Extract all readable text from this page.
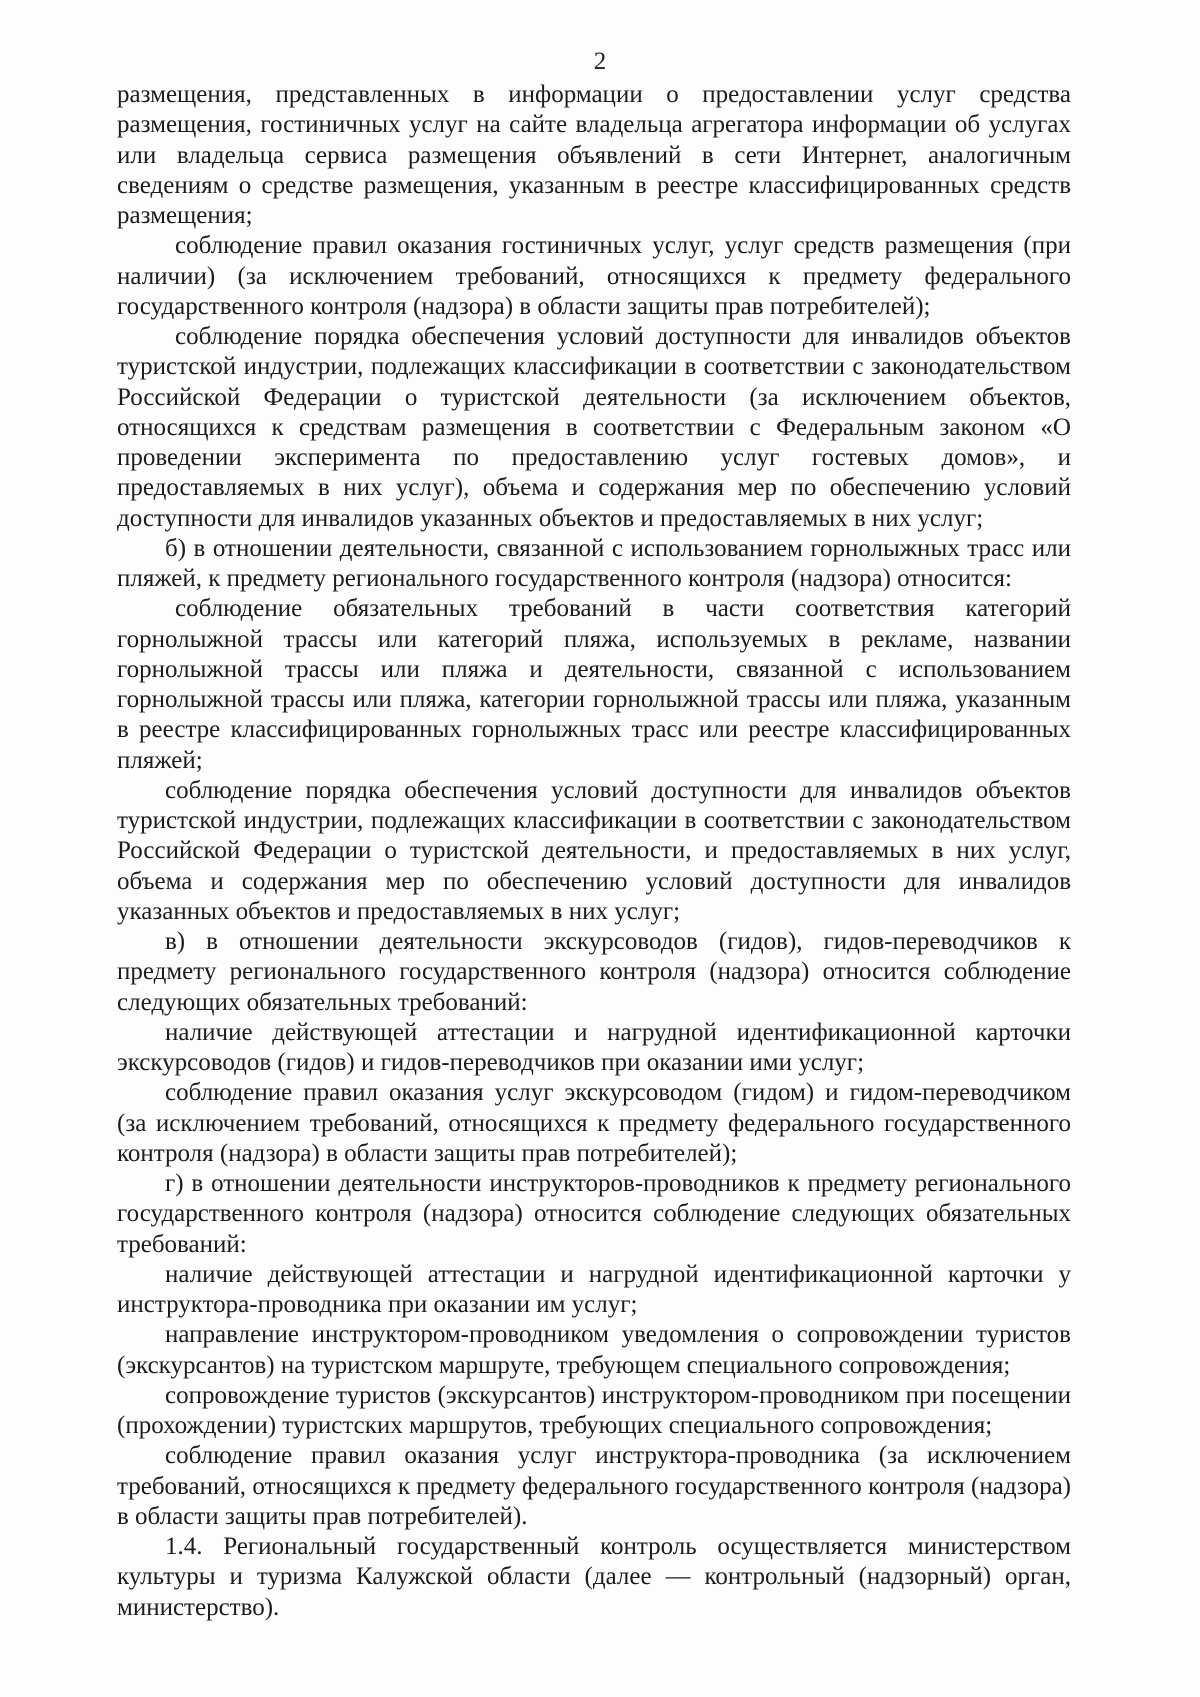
2

размещения, представленных в информации о предоставлении услуг средства размещения, гостиничных услуг на сайте владельца агрегатора информации об услугах или владельца сервиса размещения объявлений в сети Интернет, аналогичным сведениям о средстве размещения, указанным в реестре классифицированных средств размещения;

соблюдение правил оказания гостиничных услуг, услуг средств размещения (при наличии) (за исключением требований, относящихся к предмету федерального государственного контроля (надзора) в области защиты прав потребителей);

соблюдение порядка обеспечения условий доступности для инвалидов объектов туристской индустрии, подлежащих классификации в соответствии с законодательством Российской Федерации о туристской деятельности (за исключением объектов, относящихся к средствам размещения в соответствии с Федеральным законом «О проведении эксперимента по предоставлению услуг гостевых домов», и предоставляемых в них услуг), объема и содержания мер по обеспечению условий доступности для инвалидов указанных объектов и предоставляемых в них услуг;

б) в отношении деятельности, связанной с использованием горнолыжных трасс или пляжей, к предмету регионального государственного контроля (надзора) относится:

соблюдение обязательных требований в части соответствия категорий горнолыжной трассы или категорий пляжа, используемых в рекламе, названии горнолыжной трассы или пляжа и деятельности, связанной с использованием горнолыжной трассы или пляжа, категории горнолыжной трассы или пляжа, указанным в реестре классифицированных горнолыжных трасс или реестре классифицированных пляжей;

соблюдение порядка обеспечения условий доступности для инвалидов объектов туристской индустрии, подлежащих классификации в соответствии с законодательством Российской Федерации о туристской деятельности, и предоставляемых в них услуг, объема и содержания мер по обеспечению условий доступности для инвалидов указанных объектов и предоставляемых в них услуг;

в) в отношении деятельности экскурсоводов (гидов), гидов-переводчиков к предмету регионального государственного контроля (надзора) относится соблюдение следующих обязательных требований:

наличие действующей аттестации и нагрудной идентификационной карточки экскурсоводов (гидов) и гидов-переводчиков при оказании ими услуг;

соблюдение правил оказания услуг экскурсоводом (гидом) и гидом-переводчиком (за исключением требований, относящихся к предмету федерального государственного контроля (надзора) в области защиты прав потребителей);

г) в отношении деятельности инструкторов-проводников к предмету регионального государственного контроля (надзора) относится соблюдение следующих обязательных требований:

наличие действующей аттестации и нагрудной идентификационной карточки у инструктора-проводника при оказании им услуг;

направление инструктором-проводником уведомления о сопровождении туристов (экскурсантов) на туристском маршруте, требующем специального сопровождения;

сопровождение туристов (экскурсантов) инструктором-проводником при посещении (прохождении) туристских маршрутов, требующих специального сопровождения;

соблюдение правил оказания услуг инструктора-проводника (за исключением требований, относящихся к предмету федерального государственного контроля (надзора) в области защиты прав потребителей).

1.4. Региональный государственный контроль осуществляется министерством культуры и туризма Калужской области (далее — контрольный (надзорный) орган, министерство).
